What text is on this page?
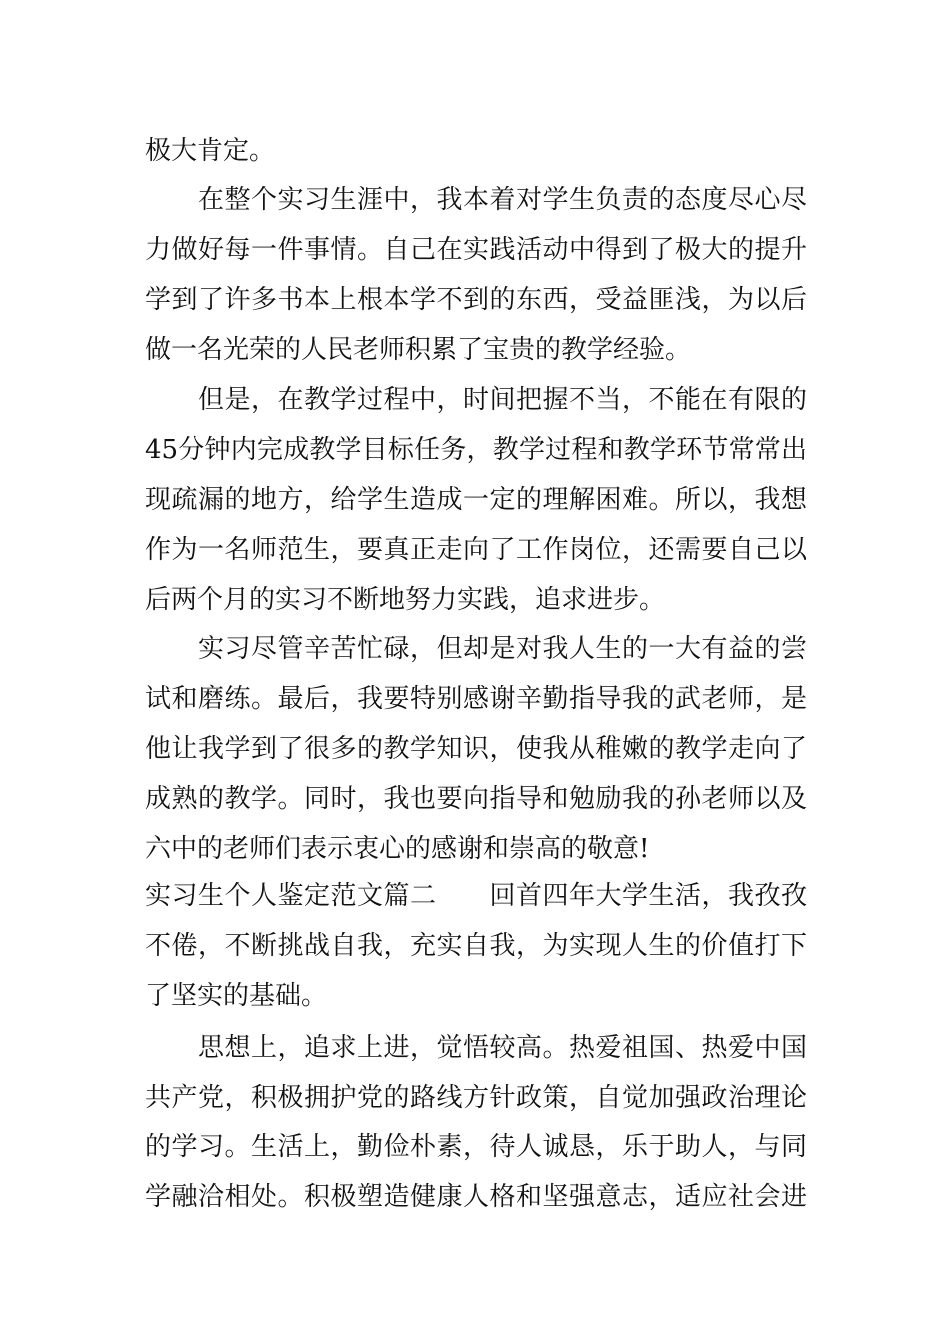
极大肯定。
在整个实习生涯中，我本着对学生负责的态度尽心尽
力做好每一件事情。自己在实践活动中得到了极大的提升
学到了许多书本上根本学不到的东西，受益匪浅，为以后
做一名光荣的人民老师积累了宝贵的教学经验。
但是，在教学过程中，时间把握不当，不能在有限的
45分钟内完成教学目标任务，教学过程和教学环节常常出
现疏漏的地方，给学生造成一定的理解困难。所以，我想
作为一名师范生，要真正走向了工作岗位，还需要自己以
后两个月的实习不断地努力实践，追求进步。
实习尽管辛苦忙碌，但却是对我人生的一大有益的尝
试和磨练。最后，我要特别感谢辛勤指导我的武老师，是
他让我学到了很多的教学知识，使我从稚嫩的教学走向了
成熟的教学。同时，我也要向指导和勉励我的孙老师以及
六中的老师们表示衷心的感谢和崇高的敬意!
实习生个人鉴定范文篇二　　回首四年大学生活，我孜孜
不倦，不断挑战自我，充实自我，为实现人生的价值打下
了坚实的基础。
思想上，追求上进，觉悟较高。热爱祖国、热爱中国
共产党，积极拥护党的路线方针政策，自觉加强政治理论
的学习。生活上，勤俭朴素，待人诚恳，乐于助人，与同
学融洽相处。积极塑造健康人格和坚强意志，适应社会进
